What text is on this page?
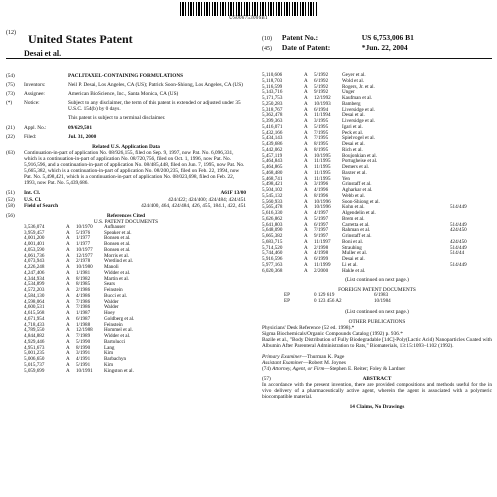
US006753006B1
(12) United States Patent
Desai et al.
(10) Patent No.:	US 6,753,006 B1
(45) Date of Patent:	*Jun. 22, 2004
(54)	PACLITAXEL-CONTAINING FORMULATIONS
(75)	Inventors:	Neil P. Desai, Los Angeles, CA (US); Patrick Soon-Shiong, Los Angeles, CA (US)
(73)	Assignee:	American BioScience, Inc., Santa Monica, CA (US)
(*)	Notice:	Subject to any disclaimer, the term of this patent is extended or adjusted under 35 U.S.C. 154(b) by 0 days.
This patent is subject to a terminal disclaimer.
(21)	Appl. No.:	09/629,501
(22)	Filed:	Jul. 31, 2000
Related U.S. Application Data
(63)	Continuation-in-part of application No. 08/926,155, filed on Sep. 9, 1997, now Pat. No. 6,096,331, which is a continuation-in-part of application No. 08/720,756, filed on Oct. 1, 1996, now Pat. No. 5,916,596, and a continuation-in-part of application No. 08/485,448, filed on Jun. 7, 1995, now Pat. No. 5,665,382, which is a continuation-in-part of application No. 08/200,235, filed on Feb. 22, 1994, now Pat. No. 5,498,421, which is a continuation-in-part of application No. 08/023,698, filed on Feb. 22, 1993, now Pat. No. 5,439,686.
(51)	Int. Cl.	A61F 13/00
(52)	U.S. Cl.	424/422; 424/400; 424/484; 424/451
(58)	Field of Search	424/400, 464, 424/484, 426, 455, 184.1, 422, 451
(56)	References Cited
U.S. PATENT DOCUMENTS
3,536,074	A	10/1970	Aufhauser
3,959,457	A	5/1976	Speaker et al.
4,001,200	A	1/1977	Bonsen et al.
4,001,401	A	1/1977	Bonsen et al.
4,053,590	A	10/1977	Bonsen et al.
4,061,736	A	12/1977	Morris et al.
4,073,943	A	2/1978	Wretlind et al.
4,226,248	A	10/1980	Manoli
4,247,406	A	1/1981	Widder et al.
4,344,934	A	8/1982	Martin et al.
4,534,899	A	8/1985	Sears
4,572,203	A	2/1986	Feinstein
4,584,130	A	4/1986	Bucci et al.
4,598,064	A	7/1986	Walder
4,600,531	A	7/1986	Walder
4,615,568	A	1/1987	Hoey
4,671,954	A	6/1987	Goldberg et al.
4,718,433	A	1/1988	Feinstein
4,789,550	A	12/1988	Hommel et al.
4,844,882	A	7/1989	Widder et al.
4,929,446	A	5/1990	Bartolucci
4,951,673	A	8/1990	Lang
5,001,235	A	3/1991	Kim
5,006,650	A	4/1991	Barbachyn
5,015,737	A	5/1991	Kim
5,059,699	A	10/1991	Kingston et al.
5,110,606	A	5/1992	Geyer et al.	
5,118,703	A	6/1992	Wold et al.	
5,116,599	A	5/1992	Rogers, Jr. et al.	
5,143,716	A	9/1992	Unger	
5,171,753	A	12/1992	Kaufman et al.	
5,250,283	A	10/1993	Bamberg	
5,318,767	A	6/1994	Liversidge et al.	
5,362,478	A	11/1994	Desai et al.	
5,399,363	A	3/1995	Liversidge et al.	
5,416,071	A	5/1995	Igari et al.	
5,432,166	A	7/1995	Peck et al.	
5,434,143	A	7/1995	Spielvogel et al.	
5,439,686	A	8/1995	Desai et al.	
5,442,062	A	8/1995	Rich et al.	
5,457,119	A	10/1995	Boujonkian et al.	
5,464,843	A	11/1995	Portugheise et al.	
5,464,865	A	11/1995	Demers et al.	
5,468,480	A	11/1995	Baxter et al.	
5,468,741	A	11/1995	Yen	
5,498,421	A	3/1996	Grinstaff et al.	
5,504,102	A	4/1996	Agharkar et al.	
5,545,132	A	8/1996	Webb et al.	
5,560,933	A	10/1996	Soon-Shiong et al.	
5,565,478	A	10/1996	Kohn et al.	514/449
5,616,330	A	4/1997	Algendelin et al.	
5,626,862	A	5/1997	Brem et al.	
5,641,803	A	6/1997	Carretta et al.	514/449
5,648,090	A	7/1997	Rahman et al.	424/450
5,665,382	A	9/1997	Grinstaff et al.	
5,683,715	A	11/1997	Boni et al.	424/450
5,714,520	A	2/1998	Straubing	514/449
5,744,460	A	4/1998	Muller et al.	514/44
5,916,596	A	6/1999	Desai et al.	
5,977,163	A	11/1999	Li et al.	514/449
6,020,368	A	2/2000	Hakle et al.	
(List continued on next page.)
FOREIGN PATENT DOCUMENTS
EP	0 129 619	6/1983
EP	0 123 456 A2	10/1984
(List continued on next page.)
OTHER PUBLICATIONS
Physicians' Desk Reference (52 ed. 1998).*
Sigma Biochemicals/Organic Compounds Catalog (1992) p. 936.*
Bazile et al., "Body Distribution of Fully Biodegradable [14C]-Poly(Lactic Acid) Nanoparticles Coated with Albumin After Parenteral Administration to Rats," Biomaterials, 13:15:1093–1102 (1992).
Primary Examiner—Thurman K. Page
Assistant Examiner—Robert M. Joynes
(74) Attorney, Agent, or Firm—Stephen E. Reiter; Foley & Lardner
(57)	ABSTRACT
In accordance with the present invention, there are provided compositions and methods useful for the in vivo delivery of a pharmaceutically active agent, wherein the agent is associated with a polymeric biocompatible material.
14 Claims, No Drawings
